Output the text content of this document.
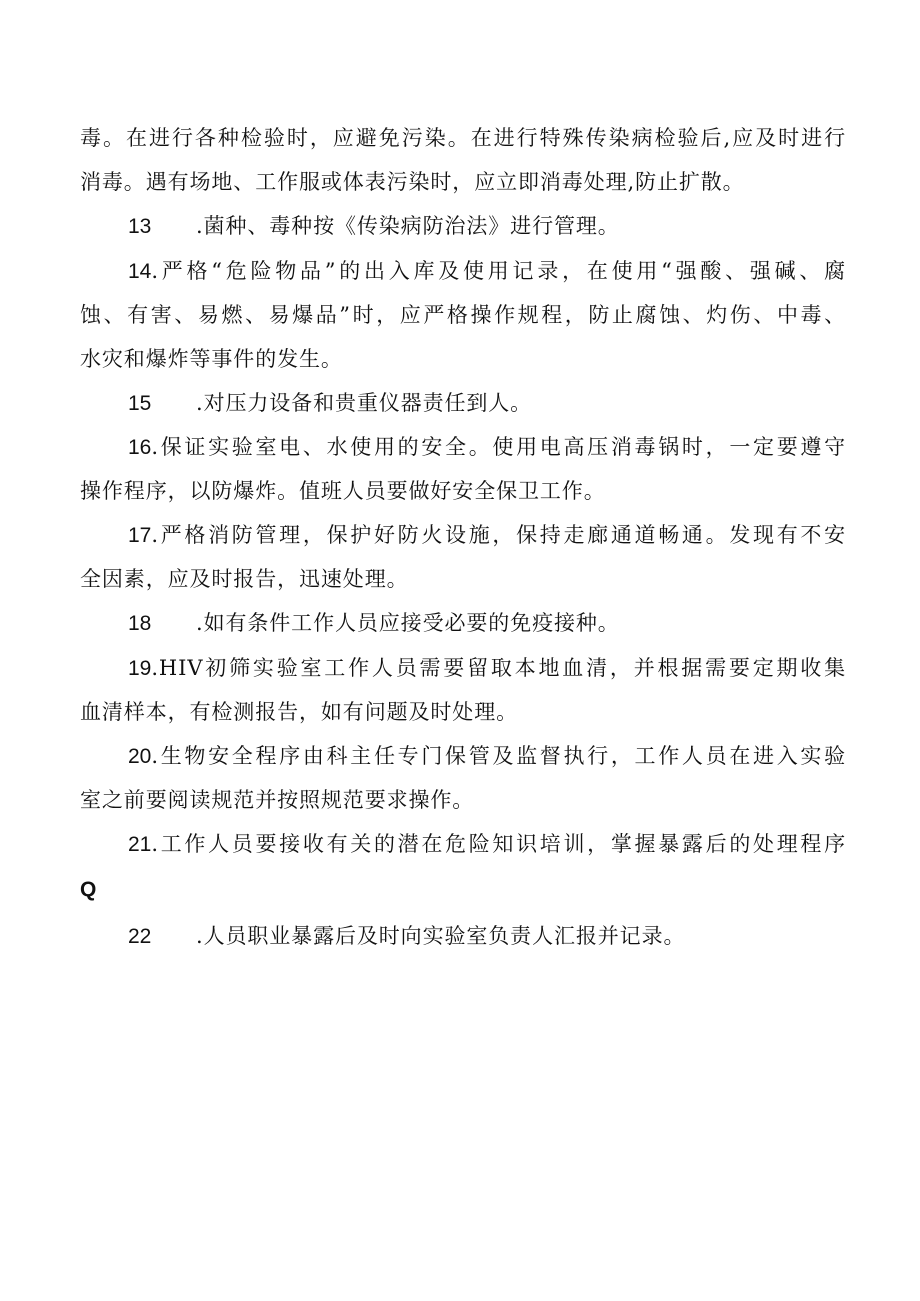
毒。在进行各种检验时，应避免污染。在进行特殊传染病检验后,应及时进行
消毒。遇有场地、工作服或体表污染时，应立即消毒处理,防止扩散。
13 .菌种、毒种按《传染病防治法》进行管理。
14.严格“危险物品”的出入库及使用记录，在使用“强酸、强碱、腐
蚀、有害、易燃、易爆品”时，应严格操作规程，防止腐蚀、灼伤、中毒、
水灾和爆炸等事件的发生。
15 .对压力设备和贵重仪器责任到人。
16.保证实验室电、水使用的安全。使用电高压消毒锅时，一定要遵守
操作程序，以防爆炸。值班人员要做好安全保卫工作。
17.严格消防管理，保护好防火设施，保持走廊通道畅通。发现有不安
全因素，应及时报告，迅速处理。
18 .如有条件工作人员应接受必要的免疫接种。
19.HIV初筛实验室工作人员需要留取本地血清，并根据需要定期收集
血清样本，有检测报告，如有问题及时处理。
20.生物安全程序由科主任专门保管及监督执行，工作人员在进入实验
室之前要阅读规范并按照规范要求操作。
21.工作人员要接收有关的潜在危险知识培训，掌握暴露后的处理程序
Q
22 .人员职业暴露后及时向实验室负责人汇报并记录。
